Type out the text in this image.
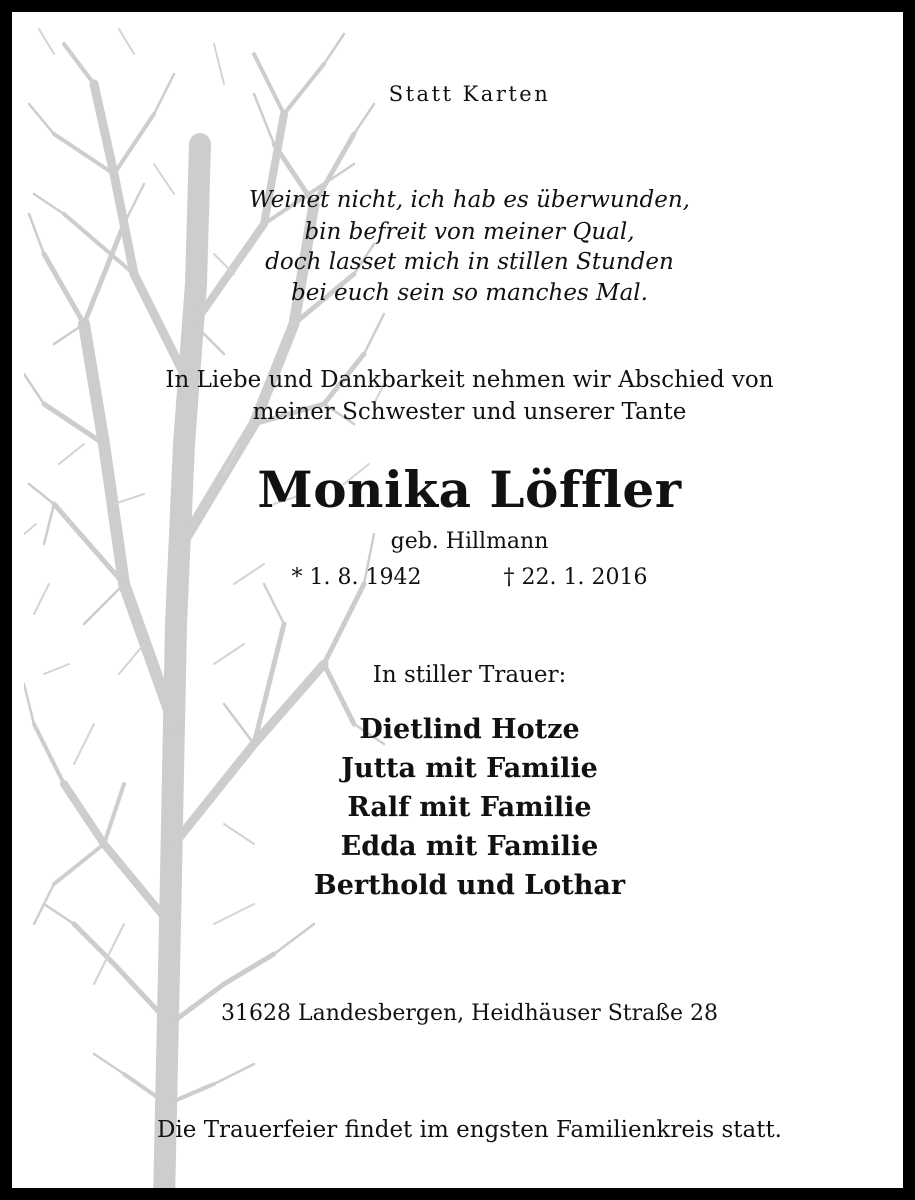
Statt Karten
Weinet nicht, ich hab es überwunden,
bin befreit von meiner Qual,
doch lasset mich in stillen Stunden
bei euch sein so manches Mal.
In Liebe und Dankbarkeit nehmen wir Abschied von
meiner Schwester und unserer Tante
Monika Löffler
geb. Hillmann
* 1. 8. 1942	† 22. 1. 2016
In stiller Trauer:
Dietlind Hotze
Jutta mit Familie
Ralf mit Familie
Edda mit Familie
Berthold und Lothar
31628 Landesbergen, Heidhäuser Straße 28
Die Trauerfeier findet im engsten Familienkreis statt.
